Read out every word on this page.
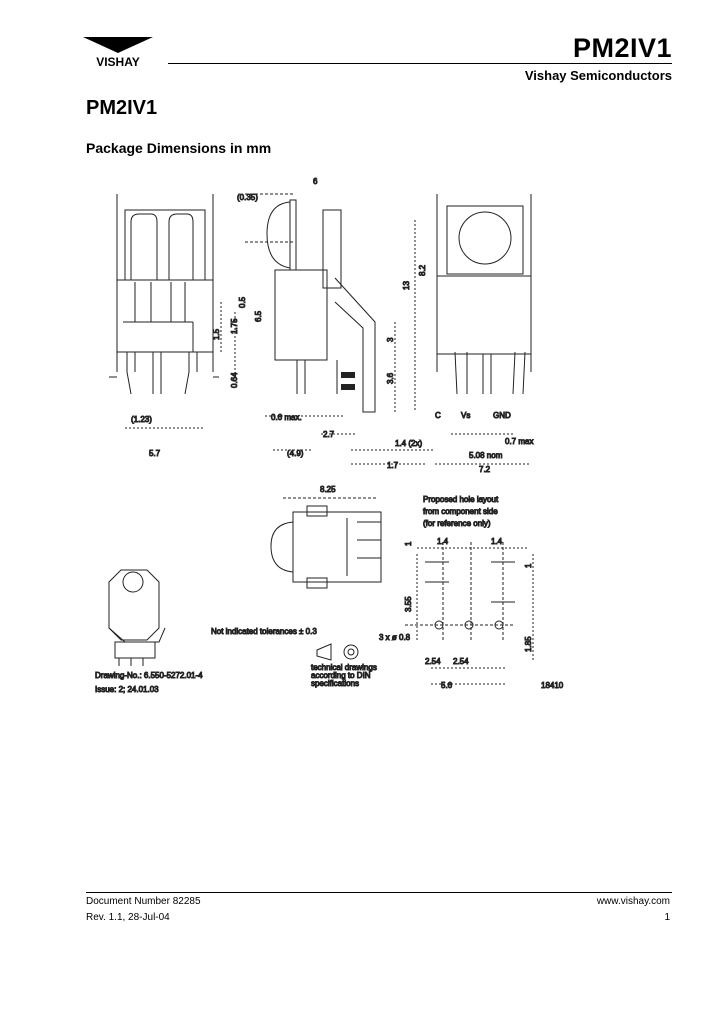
VISHAY	PM2IV1
Vishay Semiconductors
PM2IV1
Package Dimensions in mm
(1.23)
5.7
1.5
1.75
0.64
(0.35)
6
0.5
6.5
13
8.2
3
3.6
0.6 max.
2.7
(4.9)
1.4 (2x)
1.7
C	Vs	GND
0.7 max
5.08 nom
7.2
8.25
Drawing-No.: 6.550-5272.01-4
Issue: 2; 24.01.03
Not indicated tolerances ± 0.3
technical drawings
according to DIN
specifications
Proposed hole layout
from component side
(for reference only)
1.4	1.4
1
1
3.55
3 x ø 0.8	1.85
2.54 2.54
5.6	18410
Document Number 82285
Rev. 1.1, 28-Jul-04
www.vishay.com
1
